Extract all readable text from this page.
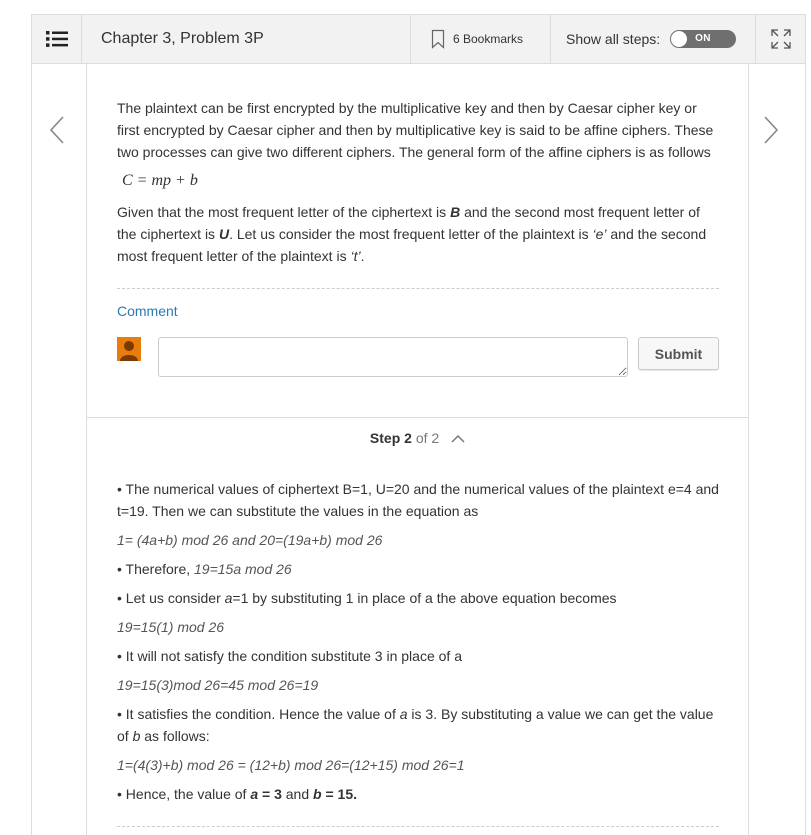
Chapter 3, Problem 3P	6 Bookmarks	Show all steps:	ON

The plaintext can be first encrypted by the multiplicative key and then by Caesar cipher key or first encrypted by Caesar cipher and then by multiplicative key is said to be affine ciphers. These two processes can give two different ciphers. The general form of the affine ciphers is as follows

C = mp + b

Given that the most frequent letter of the ciphertext is B and the second most frequent letter of the ciphertext is U. Let us consider the most frequent letter of the plaintext is ‘e’ and the second most frequent letter of the plaintext is ‘t’.

Comment
Submit
Step 2 of 2

• The numerical values of ciphertext B=1, U=20 and the numerical values of the plaintext e=4 and t=19. Then we can substitute the values in the equation as

1= (4a+b) mod 26 and 20=(19a+b) mod 26

• Therefore, 19=15a mod 26

• Let us consider a=1 by substituting 1 in place of a the above equation becomes

19=15(1) mod 26

• It will not satisfy the condition substitute 3 in place of a

19=15(3)mod 26=45 mod 26=19

• It satisfies the condition. Hence the value of a is 3. By substituting a value we can get the value of b as follows:

1=(4(3)+b) mod 26 = (12+b) mod 26=(12+15) mod 26=1

• Hence, the value of a = 3 and b = 15.
